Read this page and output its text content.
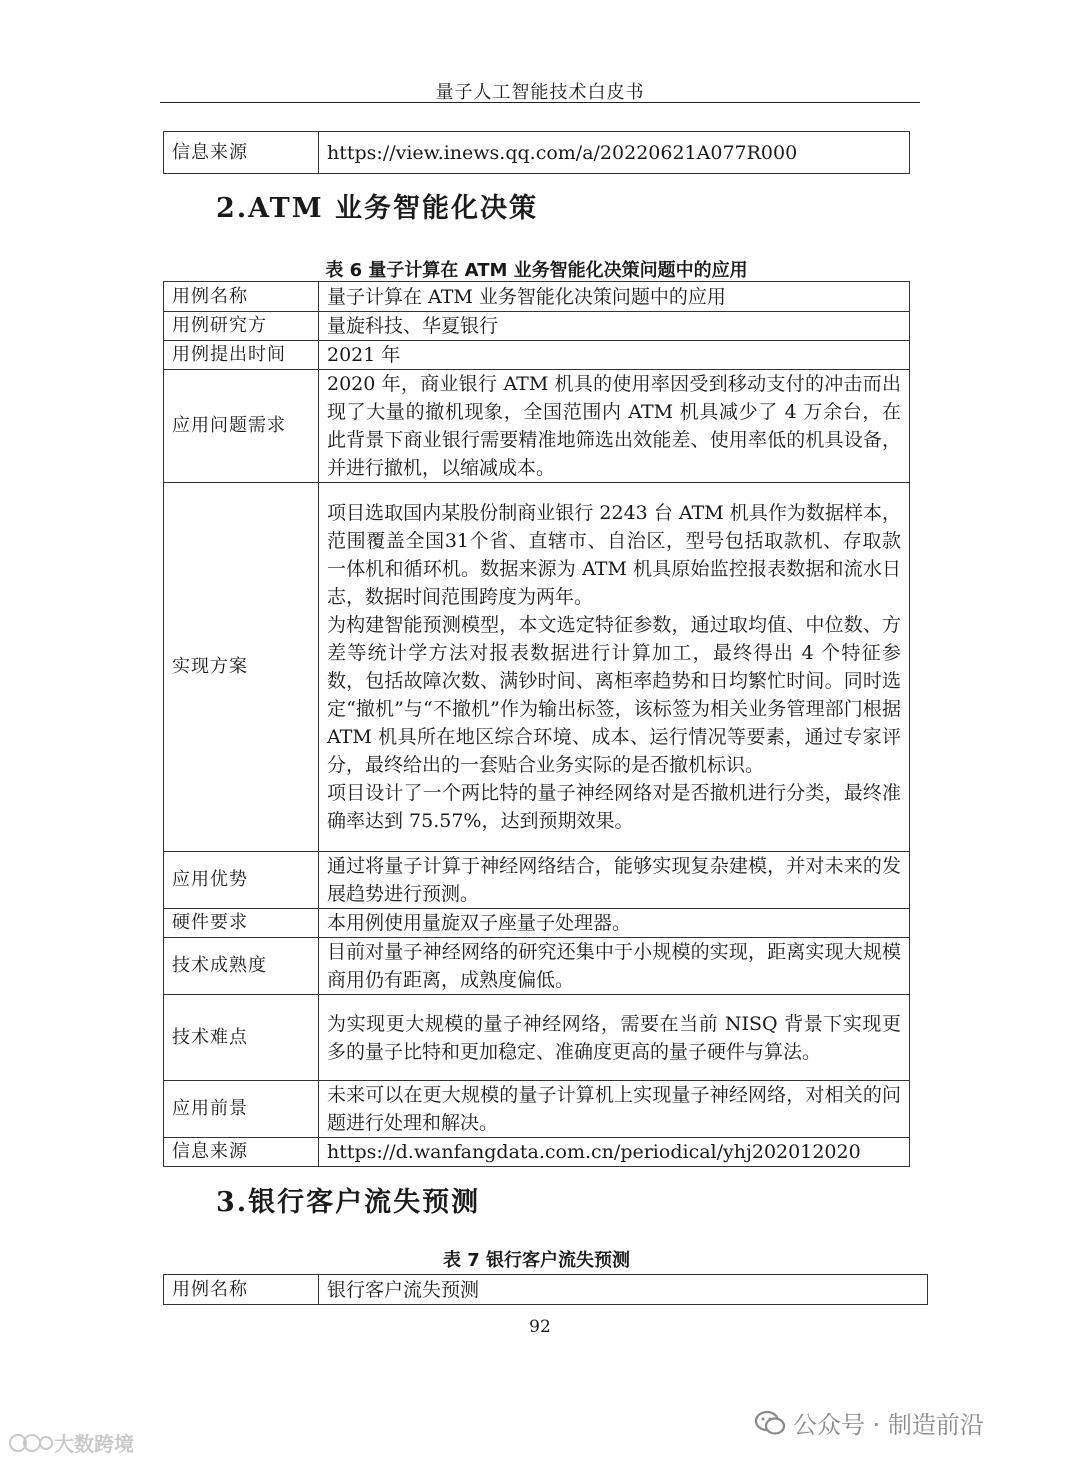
量子人工智能技术白皮书
信息来源	https://view.inews.qq.com/a/20220621A077R000
2.ATM 业务智能化决策
表 6 量子计算在 ATM 业务智能化决策问题中的应用
用例名称	量子计算在 ATM 业务智能化决策问题中的应用

用例研究方	量旋科技、华夏银行

用例提出时间	2021 年

应用问题需求	2020 年，商业银行 ATM 机具的使用率因受到移动支付的冲击而出现了大量的撤机现象，全国范围内 ATM 机具减少了 4 万余台，在此背景下商业银行需要精准地筛选出效能差、使用率低的机具设备，并进行撤机，以缩减成本。

实现方案	项目选取国内某股份制商业银行 2243 台 ATM 机具作为数据样本，范围覆盖全国31个省、直辖市、自治区，型号包括取款机、存取款一体机和循环机。数据来源为 ATM 机具原始监控报表数据和流水日志，数据时间范围跨度为两年。
为构建智能预测模型，本文选定特征参数，通过取均值、中位数、方差等统计学方法对报表数据进行计算加工，最终得出 4 个特征参数，包括故障次数、满钞时间、离柜率趋势和日均繁忙时间。同时选定“撤机”与“不撤机”作为输出标签，该标签为相关业务管理部门根据 ATM 机具所在地区综合环境、成本、运行情况等要素，通过专家评分，最终给出的一套贴合业务实际的是否撤机标识。
项目设计了一个两比特的量子神经网络对是否撤机进行分类，最终准确率达到 75.57%，达到预期效果。

应用优势	通过将量子计算于神经网络结合，能够实现复杂建模，并对未来的发展趋势进行预测。

硬件要求	本用例使用量旋双子座量子处理器。

技术成熟度	目前对量子神经网络的研究还集中于小规模的实现，距离实现大规模商用仍有距离，成熟度偏低。

技术难点	为实现更大规模的量子神经网络，需要在当前 NISQ 背景下实现更多的量子比特和更加稳定、准确度更高的量子硬件与算法。

应用前景	未来可以在更大规模的量子计算机上实现量子神经网络，对相关的问题进行处理和解决。

信息来源	https://d.wanfangdata.com.cn/periodical/yhj202012020
3.银行客户流失预测
表 7 银行客户流失预测
用例名称	银行客户流失预测
92
公众号 · 制造前沿
大数跨境
